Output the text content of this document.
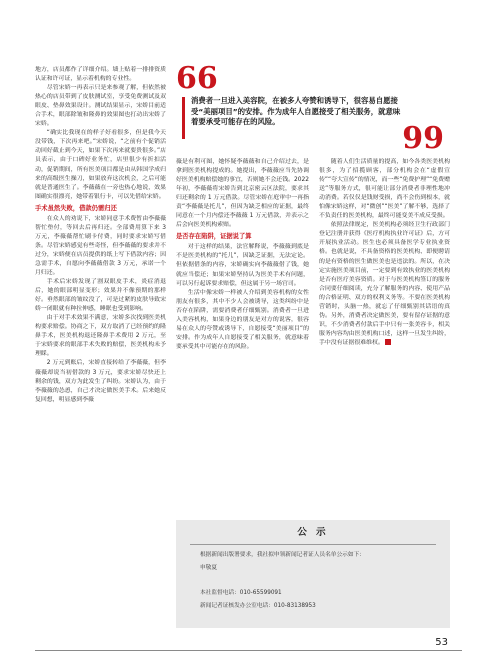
地方，店员都作了详细介绍。墙上贴着一排排资质认证和许可证，显示着机构的专业性。

尽管宋娇一再表示只是来参观了解，但依然被热心的店员带到了皮肤测试室，享受免费测试及双眼皮、垫鼻效果设计。测试结果显示，宋娇目前适合手术，眼部除皱和隆鼻的效果图也打动出宋娇了宋娇。

“确实比我现在的样子好看很多，但是我今天没带钱，下次再来吧。”宋娇说，“之前有个促销活动回好截止到今天，如果下次再来就要贵很多。”店员表示，由于口碑好业务忙，店里很少有折扣活动，促销期间，所有医美项目都是由从韩国学成归来的高级医生操刀，如果放弃这次机会，之后可能就是普通医生了。李薇薇在一旁也热心地说，效果图确实很漂亮，她带着银行卡，可以先借给宋娇。

手术虽然失败，借款仍需归还

在众人的劝说下，宋娇同意手术费暂由李薇薇帮忙垫付，等回去后再归还。全部费用算下来 3 万元，李薇薇帮忙刷卡付费，同时要求宋娇写借条。尽管宋娇感觉有些奇怪，但李薇薇的要求并不过分，宋娇便在店员提供的纸上写下借款内容；因急需手术，自愿向李薇薇借款 3 万元，承诺一个月归还。

手术后宋娇发现了割双眼皮手术，炎症消退后，她的眼部明显变形；效果并不像预期的那样好。垂然眼部的皱纹没了，可是过紧的皮肤导致宋娇一闭眼就有种拉伸感，睡眠也受到影响。

由于对手术效果不满意，宋娇多次找到医美机构要求赔偿。协商之下，双方取消了已经预约的隆鼻手术，医美机构退还隆鼻手术费用 2 万元，至于宋娇要求的眼部手术失败的赔偿，医美机构未予理睬。

2 万元到账后，宋娇直接转给了李薇薇，但李薇薇却说当初借款的 3 万元，要求宋娇尽快还上剩余的钱，双方为此发生了纠纷。宋娇认为，由于李薇薇的怂恿，自己才决定做医美手术。后来她反复回想，明显感到李薇

66
消费者一旦进入美容院，在被多人夸赞和诱导下，很容易自愿接受“美丽项目”的安排。作为成年人自愿接受了相关服务，就意味着要承受可能存在的风险。	99

薇是有利可图，她怀疑李薇薇和自己介绍过去，是拿到医美机构提成的。她提出，李薇薇应当先协调好医美机构赔偿她的事宜，否则她不会还钱。2022 年初，李薇薇将宋娇告到北京密云区法院，要求其归还剩余的 1 万元借款。尽管宋娇在庭审中一再指责“李薇薇是托儿”，但因为缺乏相应的证据，最终同意在一个月内偿还李薇薇 1 万元借款，并表示之后会向医美机构索赔。

是否存在陷阱，证据说了算

对于这样的结果，法官解释说，李薇薇到底是不是医美机构的“托儿”，因缺乏证据，无法定论。但依据借条的内容，宋娇确实向李薇薇借了钱，她就应当偿还；如果宋娇坚持认为医美手术有问题，可以另行起诉要求赔偿，但这属于另一场官司。

生活中像宋娇一样被人介绍到美容机构的女性朋友有很多，其中不少人会被诱导，这类纠纷中是否存在陷阱，需要消费者仔细甄别。消费者一旦进入美容机构，如果身边的朋友是对方的说客，很容易在众人的夸赞或诱导下，自愿接受“美丽项目”的安排。作为成年人自愿接受了相关服务，就意味着要承受其中可能存在的风险。

随着人们生活质量的提高，如今各类医美机构很多，为了招揽顾客，部分机构会在“虚假宣传”“夸大宣传”的情况，而一些“免费护理”“免费赠送”等服务方式，很可能让部分消费者非理性地冲动消费。若仅仅是钱财受损，尚不会伤到根本，就怕像宋娇这样，对“微创”“医美”了解不够，选择了不负责任的医美机构，最终可能变美不成反受损。

依照法律规定，医美机构必须经卫生行政部门登记注册并获得《医疗机构执业许可证》后，方可开展执业活动。医生也必须具备医学专业执业资格。也就是说，不具备资格的医美机构、即便聘请的是有资格的医生做医美也是违法的。所以，在决定实施医美项目前，一定要到有效执业的医美机构是否有医疗美容资质。对于与医美机构签订的服务合同要仔细阅读，充分了解服务的内容、使用产品的合格证明、双方的权利义务等。不要在医美机构营销时，头脑一热，就忘了仔细甄别其话语的真伪。另外，消费者决定做医美，要有留存证据的意识，不少消费者付款后手中只有一张美容卡，相关服务内容均由医美机构口述，这样一旦发生纠纷，手中没有证据很难维权。

公 示
根据新闻出版署要求，我社拟申领新闻记者证人员名单公示如下：
申敬夏
本社监督电话：010-65599091
新闻记者证核发办公室电话：010-83138953
53
